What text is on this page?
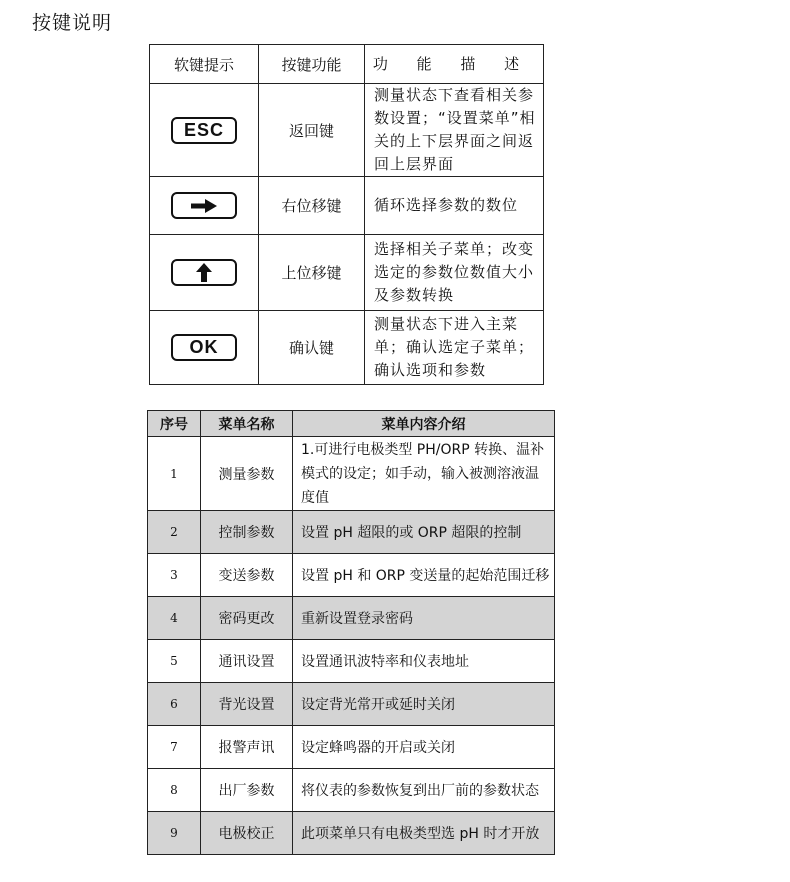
按键说明
软键提示	按键功能	功 能 描 述
ESC	返回键	测量状态下查看相关参数设置；“设置菜单”相关的上下层界面之间返回上层界面

	右位移键	循环选择参数的数位

	上位移键	选择相关子菜单；改变选定的参数位数值大小及参数转换
OK	确认键	测量状态下进入主菜单；确认选定子菜单；确认选项和参数
序号	菜单名称	菜单内容介绍
1	测量参数	1.可进行电极类型 PH/ORP 转换、温补模式的设定；如手动，输入被测溶液温度值
2	控制参数	设置 pH 超限的或 ORP 超限的控制
3	变送参数	设置 pH 和 ORP 变送量的起始范围迁移
4	密码更改	重新设置登录密码
5	通讯设置	设置通讯波特率和仪表地址
6	背光设置	设定背光常开或延时关闭
7	报警声讯	设定蜂鸣器的开启或关闭
8	出厂参数	将仪表的参数恢复到出厂前的参数状态
9	电极校正	此项菜单只有电极类型选 pH 时才开放
